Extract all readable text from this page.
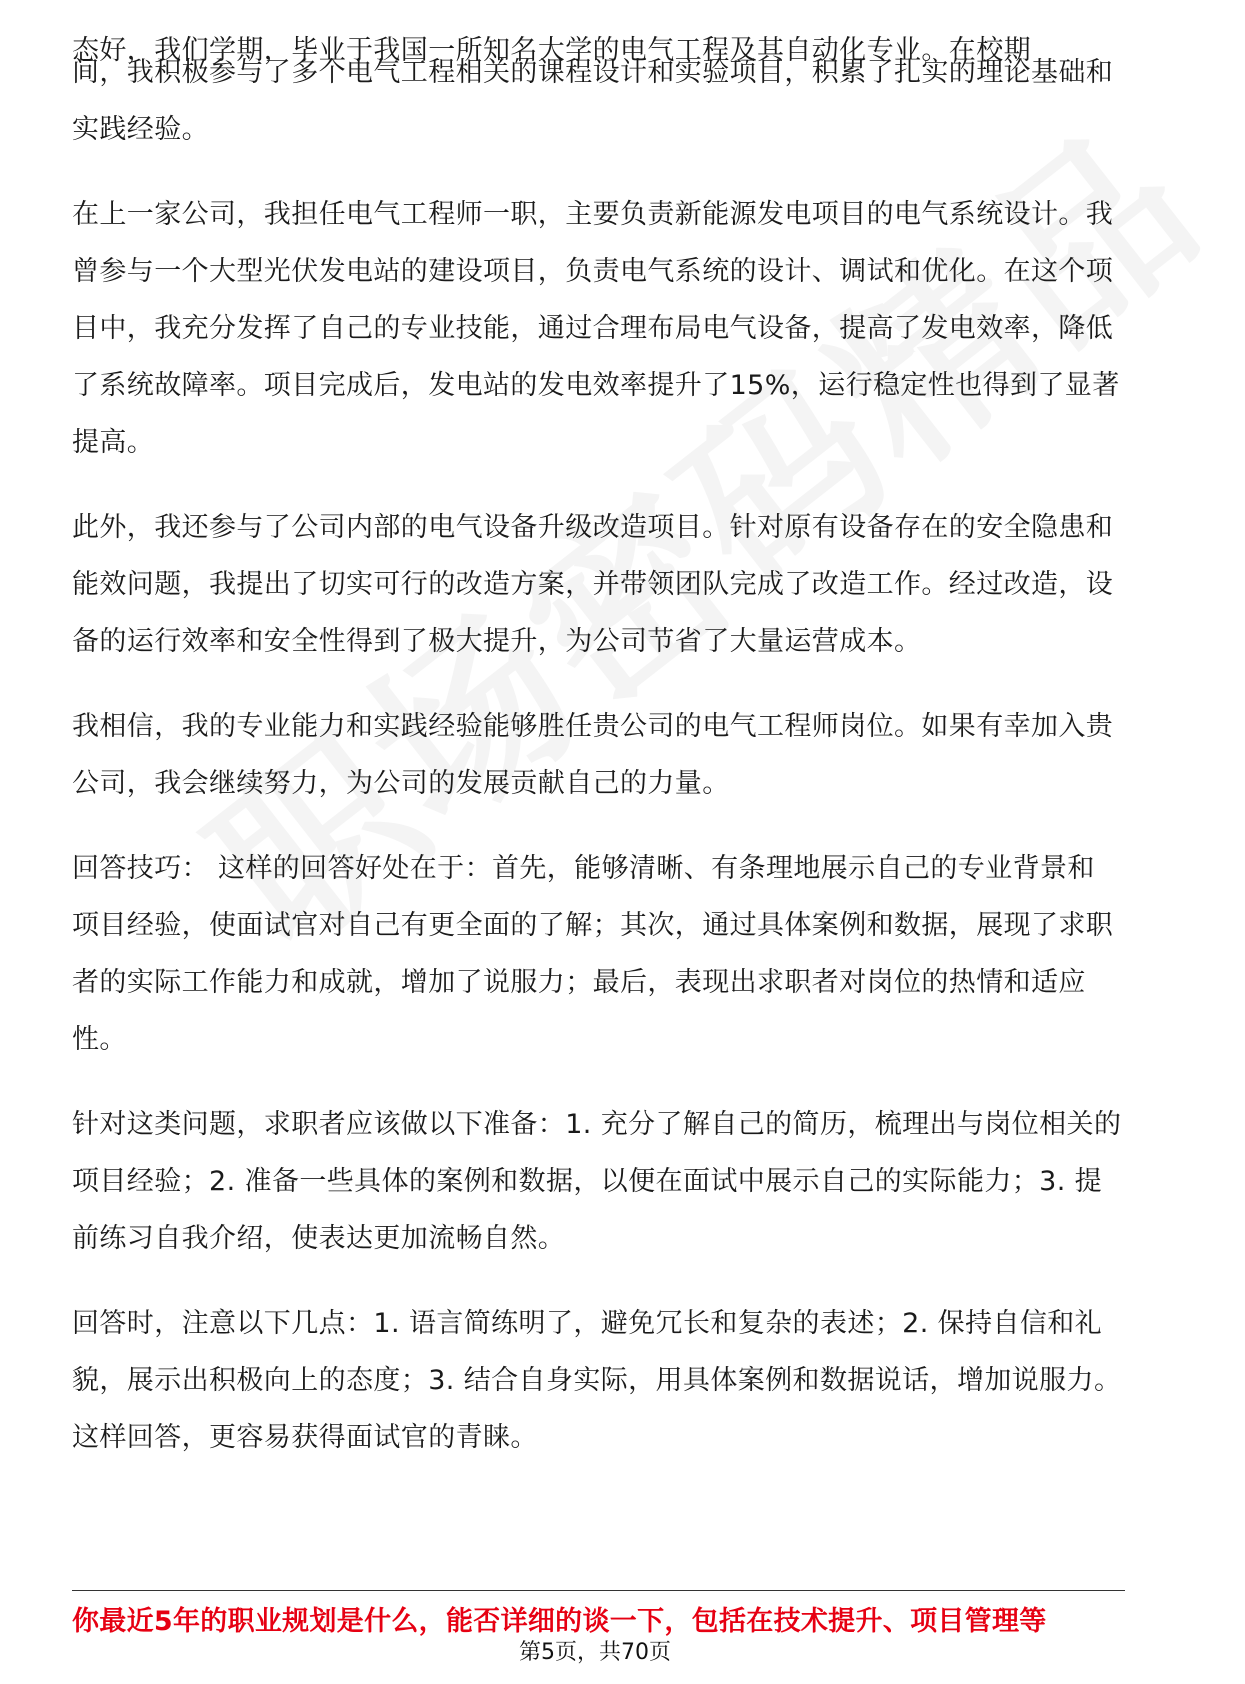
态好，我们学期，毕业于我国一所知名大学的电气工程及其自动化专业。在校期

间，我积极参与了多个电气工程相关的课程设计和实验项目，积累了扎实的理论基础和实践经验。

在上一家公司，我担任电气工程师一职，主要负责新能源发电项目的电气系统设计。我曾参与一个大型光伏发电站的建设项目，负责电气系统的设计、调试和优化。在这个项目中，我充分发挥了自己的专业技能，通过合理布局电气设备，提高了发电效率，降低了系统故障率。项目完成后，发电站的发电效率提升了15%，运行稳定性也得到了显著提高。

此外，我还参与了公司内部的电气设备升级改造项目。针对原有设备存在的安全隐患和能效问题，我提出了切实可行的改造方案，并带领团队完成了改造工作。经过改造，设备的运行效率和安全性得到了极大提升，为公司节省了大量运营成本。

我相信，我的专业能力和实践经验能够胜任贵公司的电气工程师岗位。如果有幸加入贵公司，我会继续努力，为公司的发展贡献自己的力量。

回答技巧： 这样的回答好处在于：首先，能够清晰、有条理地展示自己的专业背景和项目经验，使面试官对自己有更全面的了解；其次，通过具体案例和数据，展现了求职者的实际工作能力和成就，增加了说服力；最后，表现出求职者对岗位的热情和适应性。

针对这类问题，求职者应该做以下准备：1. 充分了解自己的简历，梳理出与岗位相关的项目经验；2. 准备一些具体的案例和数据，以便在面试中展示自己的实际能力；3. 提前练习自我介绍，使表达更加流畅自然。

回答时，注意以下几点：1. 语言简练明了，避免冗长和复杂的表述；2. 保持自信和礼貌，展示出积极向上的态度；3. 结合自身实际，用具体案例和数据说话，增加说服力。这样回答，更容易获得面试官的青睐。

你最近5年的职业规划是什么，能否详细的谈一下，包括在技术提升、项目管理等
第5页，共70页
